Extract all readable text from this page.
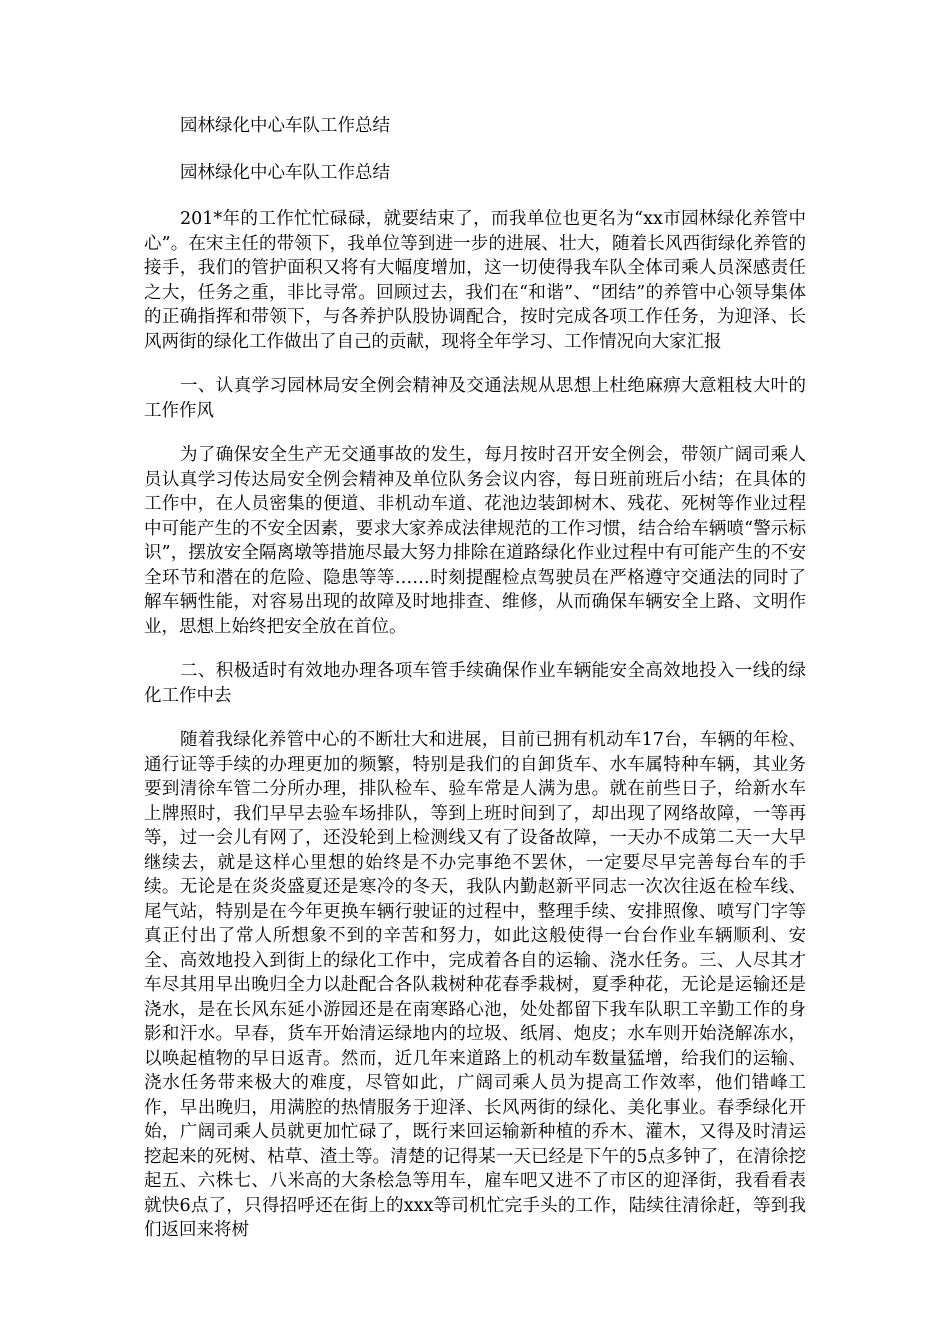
园林绿化中心车队工作总结

园林绿化中心车队工作总结

201*年的工作忙忙碌碌，就要结束了，而我单位也更名为“xx市园林绿化养管中心”。在宋主任的带领下，我单位等到进一步的进展、壮大，随着长风西街绿化养管的接手，我们的管护面积又将有大幅度增加，这一切使得我车队全体司乘人员深感责任之大，任务之重，非比寻常。回顾过去，我们在“和谐”、“团结”的养管中心领导集体的正确指挥和带领下，与各养护队股协调配合，按时完成各项工作任务，为迎泽、长风两街的绿化工作做出了自己的贡献，现将全年学习、工作情况向大家汇报

一、认真学习园林局安全例会精神及交通法规从思想上杜绝麻痹大意粗枝大叶的工作作风

为了确保安全生产无交通事故的发生，每月按时召开安全例会，带领广阔司乘人员认真学习传达局安全例会精神及单位队务会议内容，每日班前班后小结；在具体的工作中，在人员密集的便道、非机动车道、花池边装卸树木、残花、死树等作业过程中可能产生的不安全因素，要求大家养成法律规范的工作习惯，结合给车辆喷“警示标识”，摆放安全隔离墩等措施尽最大努力排除在道路绿化作业过程中有可能产生的不安全环节和潜在的危险、隐患等等……时刻提醒检点驾驶员在严格遵守交通法的同时了解车辆性能，对容易出现的故障及时地排查、维修，从而确保车辆安全上路、文明作业，思想上始终把安全放在首位。

二、积极适时有效地办理各项车管手续确保作业车辆能安全高效地投入一线的绿化工作中去

随着我绿化养管中心的不断壮大和进展，目前已拥有机动车17台，车辆的年检、通行证等手续的办理更加的频繁，特别是我们的自卸货车、水车属特种车辆，其业务要到清徐车管二分所办理，排队检车、验车常是人满为患。就在前些日子，给新水车上牌照时，我们早早去验车场排队，等到上班时间到了，却出现了网络故障，一等再等，过一会儿有网了，还没轮到上检测线又有了设备故障，一天办不成第二天一大早继续去，就是这样心里想的始终是不办完事绝不罢休，一定要尽早完善每台车的手续。无论是在炎炎盛夏还是寒冷的冬天，我队内勤赵新平同志一次次往返在检车线、尾气站，特别是在今年更换车辆行驶证的过程中，整理手续、安排照像、喷写门字等真正付出了常人所想象不到的辛苦和努力，如此这般使得一台台作业车辆顺利、安全、高效地投入到街上的绿化工作中，完成着各自的运输、浇水任务。三、人尽其才车尽其用早出晚归全力以赴配合各队栽树种花春季栽树，夏季种花，无论是运输还是浇水，是在长风东延小游园还是在南寒路心池，处处都留下我车队职工辛勤工作的身影和汗水。早春，货车开始清运绿地内的垃圾、纸屑、炮皮；水车则开始浇解冻水，以唤起植物的早日返青。然而，近几年来道路上的机动车数量猛增，给我们的运输、浇水任务带来极大的难度，尽管如此，广阔司乘人员为提高工作效率，他们错峰工作，早出晚归，用满腔的热情服务于迎泽、长风两街的绿化、美化事业。春季绿化开始，广阔司乘人员就更加忙碌了，既行来回运输新种植的乔木、灌木，又得及时清运挖起来的死树、枯草、渣土等。清楚的记得某一天已经是下午的5点多钟了，在清徐挖起五、六株七、八米高的大条桧急等用车，雇车吧又进不了市区的迎泽街，我看看表就快6点了，只得招呼还在街上的xxx等司机忙完手头的工作，陆续往清徐赶，等到我们返回来将树
